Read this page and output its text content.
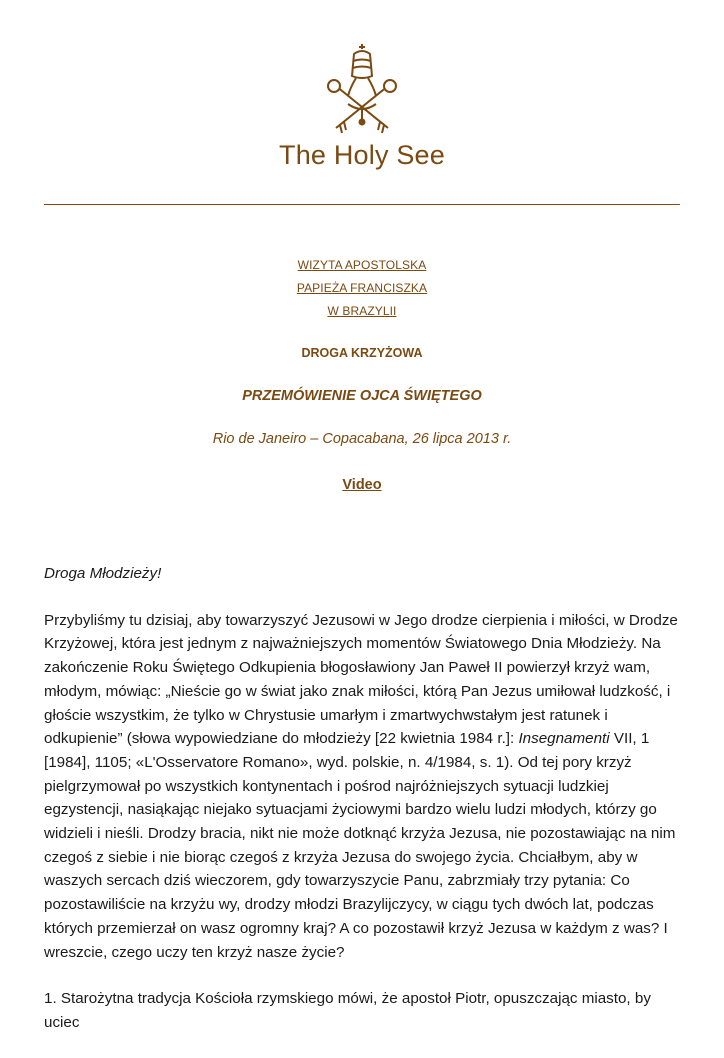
The Holy See
WIZYTA APOSTOLSKA
PAPIEŻA FRANCISZKA
W BRAZYLII
DROGA KRZYŻOWA
PRZEMÓWIENIE OJCA ŚWIĘTEGO
Rio de Janeiro – Copacabana, 26 lipca 2013 r.
Video

Droga Młodzieży!

Przybyliśmy tu dzisiaj, aby towarzyszyć Jezusowi w Jego drodze cierpienia i miłości, w Drodze Krzyżowej, która jest jednym z najważniejszych momentów Światowego Dnia Młodzieży. Na zakończenie Roku Świętego Odkupienia błogosławiony Jan Paweł II powierzył krzyż wam, młodym, mówiąc: „Nieście go w świat jako znak miłości, którą Pan Jezus umiłował ludzkość, i głoście wszystkim, że tylko w Chrystusie umarłym i zmartwychwstałym jest ratunek i odkupienie” (słowa wypowiedziane do młodzieży [22 kwietnia 1984 r.]: Insegnamenti VII, 1 [1984], 1105; «L'Osservatore Romano», wyd. polskie, n. 4/1984, s. 1). Od tej pory krzyż pielgrzymował po wszystkich kontynentach i pośrod najróżniejszych sytuacji ludzkiej egzystencji, nasiąkając niejako sytuacjami życiowymi bardzo wielu ludzi młodych, którzy go widzieli i nieśli. Drodzy bracia, nikt nie może dotknąć krzyża Jezusa, nie pozostawiając na nim czegoś z siebie i nie biorąc czegoś z krzyża Jezusa do swojego życia. Chciałbym, aby w waszych sercach dziś wieczorem, gdy towarzyszycie Panu, zabrzmiały trzy pytania: Co pozostawiliście na krzyżu wy, drodzy młodzi Brazylijczycy, w ciągu tych dwóch lat, podczas których przemierzał on wasz ogromny kraj? A co pozostawił krzyż Jezusa w każdym z was? I wreszcie, czego uczy ten krzyż nasze życie?

1. Starożytna tradycja Kościoła rzymskiego mówi, że apostoł Piotr, opuszczając miasto, by uciec
